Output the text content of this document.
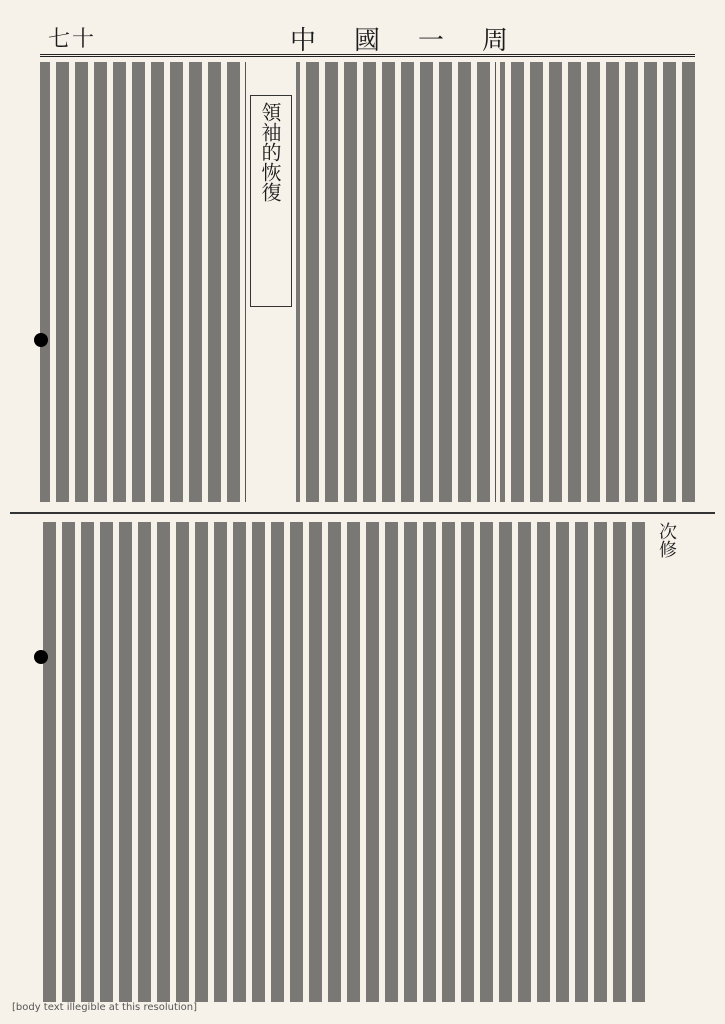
七十	中國一周
領袖的恢復
次修
[body text illegible at this resolution]
